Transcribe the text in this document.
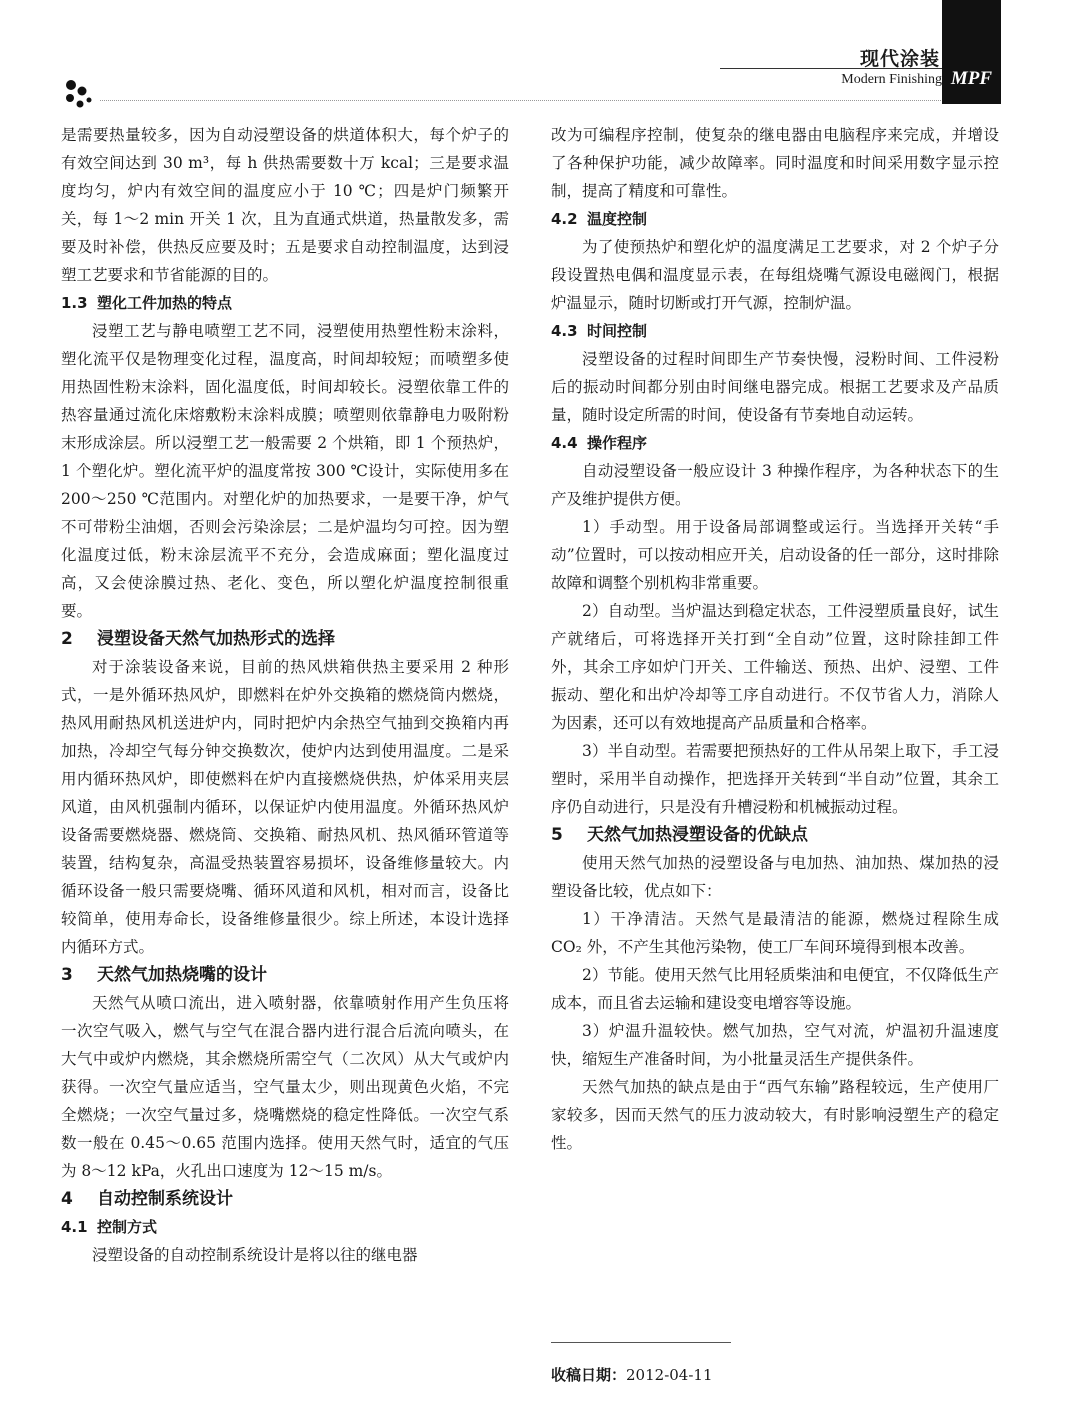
现代涂装
Modern Finishing MPF

是需要热量较多，因为自动浸塑设备的烘道体积大，每个炉子的有效空间达到 30 m³，每 h 供热需要数十万 kcal；三是要求温度均匀，炉内有效空间的温度应小于 10 ℃；四是炉门频繁开关，每 1～2 min 开关 1 次，且为直通式烘道，热量散发多，需要及时补偿，供热反应要及时；五是要求自动控制温度，达到浸塑工艺要求和节省能源的目的。

1.3 塑化工件加热的特点

浸塑工艺与静电喷塑工艺不同，浸塑使用热塑性粉末涂料，塑化流平仅是物理变化过程，温度高，时间却较短；而喷塑多使用热固性粉末涂料，固化温度低，时间却较长。浸塑依靠工件的热容量通过流化床熔敷粉末涂料成膜；喷塑则依靠静电力吸附粉末形成涂层。所以浸塑工艺一般需要 2 个烘箱，即 1 个预热炉，1 个塑化炉。塑化流平炉的温度常按 300 ℃设计，实际使用多在 200～250 ℃范围内。对塑化炉的加热要求，一是要干净，炉气不可带粉尘油烟，否则会污染涂层；二是炉温均匀可控。因为塑化温度过低，粉末涂层流平不充分，会造成麻面；塑化温度过高，又会使涂膜过热、老化、变色，所以塑化炉温度控制很重要。

2 浸塑设备天然气加热形式的选择

对于涂装设备来说，目前的热风烘箱供热主要采用 2 种形式，一是外循环热风炉，即燃料在炉外交换箱的燃烧筒内燃烧，热风用耐热风机送进炉内，同时把炉内余热空气抽到交换箱内再加热，冷却空气每分钟交换数次，使炉内达到使用温度。二是采用内循环热风炉，即使燃料在炉内直接燃烧供热，炉体采用夹层风道，由风机强制内循环，以保证炉内使用温度。外循环热风炉设备需要燃烧器、燃烧筒、交换箱、耐热风机、热风循环管道等装置，结构复杂，高温受热装置容易损坏，设备维修量较大。内循环设备一般只需要烧嘴、循环风道和风机，相对而言，设备比较简单，使用寿命长，设备维修量很少。综上所述，本设计选择内循环方式。

3 天然气加热烧嘴的设计

天然气从喷口流出，进入喷射器，依靠喷射作用产生负压将一次空气吸入，燃气与空气在混合器内进行混合后流向喷头，在大气中或炉内燃烧，其余燃烧所需空气（二次风）从大气或炉内获得。一次空气量应适当，空气量太少，则出现黄色火焰，不完全燃烧；一次空气量过多，烧嘴燃烧的稳定性降低。一次空气系数一般在 0.45～0.65 范围内选择。使用天然气时，适宜的气压为 8～12 kPa，火孔出口速度为 12～15 m/s。

4 自动控制系统设计
4.1 控制方式

浸塑设备的自动控制系统设计是将以往的继电器

改为可编程序控制，使复杂的继电器由电脑程序来完成，并增设了各种保护功能，减少故障率。同时温度和时间采用数字显示控制，提高了精度和可靠性。

4.2 温度控制

为了使预热炉和塑化炉的温度满足工艺要求，对 2 个炉子分段设置热电偶和温度显示表，在每组烧嘴气源设电磁阀门，根据炉温显示，随时切断或打开气源，控制炉温。

4.3 时间控制

浸塑设备的过程时间即生产节奏快慢，浸粉时间、工件浸粉后的振动时间都分别由时间继电器完成。根据工艺要求及产品质量，随时设定所需的时间，使设备有节奏地自动运转。

4.4 操作程序

自动浸塑设备一般应设计 3 种操作程序，为各种状态下的生产及维护提供方便。

1）手动型。用于设备局部调整或运行。当选择开关转“手动”位置时，可以按动相应开关，启动设备的任一部分，这时排除故障和调整个别机构非常重要。

2）自动型。当炉温达到稳定状态，工件浸塑质量良好，试生产就绪后，可将选择开关打到“全自动”位置，这时除挂卸工件外，其余工序如炉门开关、工件输送、预热、出炉、浸塑、工件振动、塑化和出炉冷却等工序自动进行。不仅节省人力，消除人为因素，还可以有效地提高产品质量和合格率。

3）半自动型。若需要把预热好的工件从吊架上取下，手工浸塑时，采用半自动操作，把选择开关转到“半自动”位置，其余工序仍自动进行，只是没有升槽浸粉和机械振动过程。

5 天然气加热浸塑设备的优缺点

使用天然气加热的浸塑设备与电加热、油加热、煤加热的浸塑设备比较，优点如下：

1）干净清洁。天然气是最清洁的能源，燃烧过程除生成 CO₂ 外，不产生其他污染物，使工厂车间环境得到根本改善。

2）节能。使用天然气比用轻质柴油和电便宜，不仅降低生产成本，而且省去运输和建设变电增容等设施。

3）炉温升温较快。燃气加热，空气对流，炉温初升温速度快，缩短生产准备时间，为小批量灵活生产提供条件。

天然气加热的缺点是由于“西气东输”路程较远，生产使用厂家较多，因而天然气的压力波动较大，有时影响浸塑生产的稳定性。

收稿日期：2012-04-11
